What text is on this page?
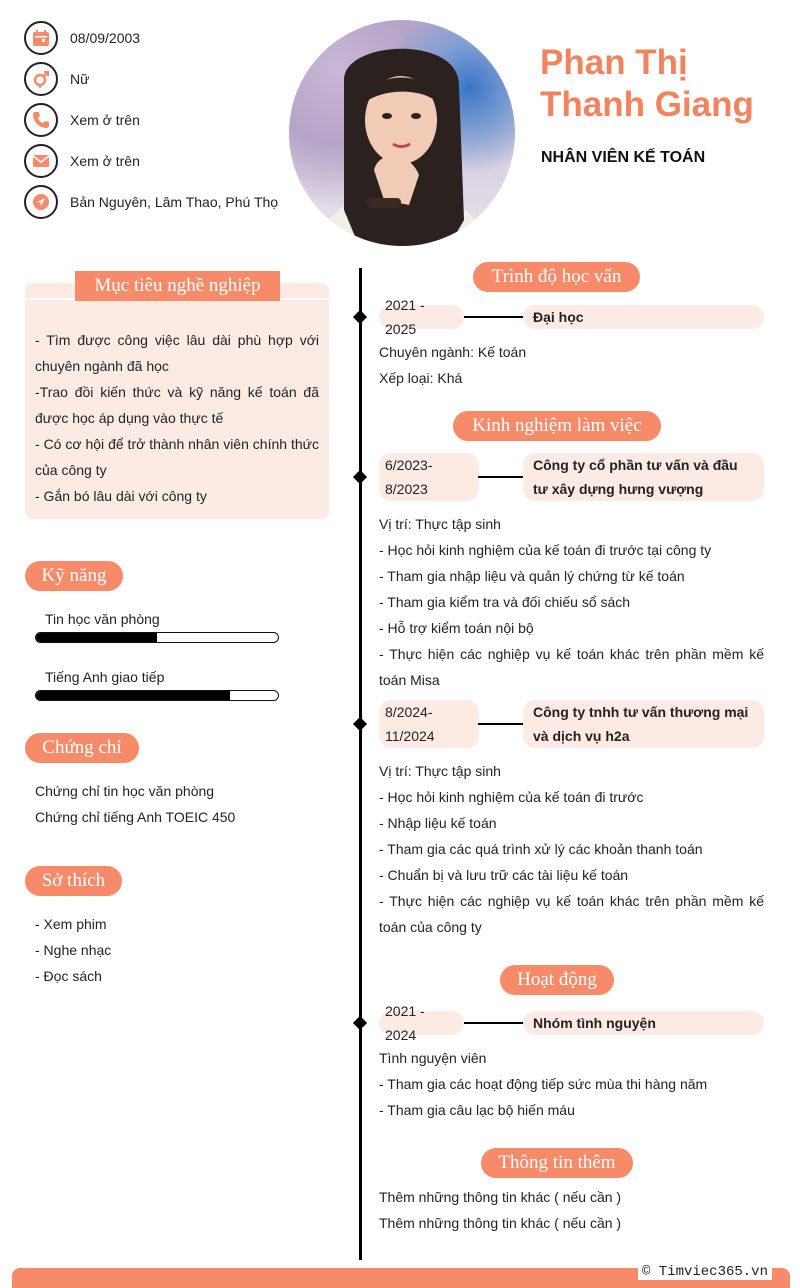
08/09/2003
Nữ
Xem ở trên
Xem ở trên
Bản Nguyên, Lâm Thao, Phú Thọ
Phan Thị
Thanh Giang
NHÂN VIÊN KẾ TOÁN
Mục tiêu nghề nghiệp

- Tìm được công việc lâu dài phù hợp với chuyên ngành đã học

-Trao đồi kiến thức và kỹ năng kế toán đã được học áp dụng vào thực tế

- Có cơ hội để trở thành nhân viên chính thức của công ty

- Gắn bó lâu dài với công ty

Kỹ năng
Tin học văn phòng
Tiếng Anh giao tiếp
Chứng chỉ
Chứng chỉ tin học văn phòng
Chứng chỉ tiếng Anh TOEIC 450
Sở thích
- Xem phim
- Nghe nhạc
- Đọc sách
Trình độ học vấn
2021 - 2025
Đại học

Chuyên ngành: Kế toán

Xếp loại: Khá

Kinh nghiệm làm việc
6/2023-
8/2023
Công ty cổ phần tư vấn và đầu tư xây dựng hưng vượng

Vị trí: Thực tập sinh

- Học hỏi kinh nghiệm của kế toán đi trước tại công ty

- Tham gia nhập liệu và quản lý chứng từ kế toán

- Tham gia kiểm tra và đối chiếu sổ sách

- Hỗ trợ kiểm toán nội bộ

- Thực hiện các nghiệp vụ kế toán khác trên phần mềm kế toán Misa

8/2024-
11/2024
Công ty tnhh tư vấn thương mại và dịch vụ h2a

Vị trí: Thực tập sinh

- Học hỏi kinh nghiệm của kế toán đi trước

- Nhập liệu kế toán

- Tham gia các quá trình xử lý các khoản thanh toán

- Chuẩn bị và lưu trữ các tài liệu kế toán

- Thực hiện các nghiệp vụ kế toán khác trên phần mềm kế toán của công ty

Hoạt động
2021 - 2024
Nhóm tình nguyện

Tình nguyện viên

- Tham gia các hoạt động tiếp sức mùa thi hàng năm

- Tham gia câu lạc bộ hiến máu

Thông tin thêm

Thêm những thông tin khác ( nếu cần )

Thêm những thông tin khác ( nếu cần )

© Timviec365.vn
